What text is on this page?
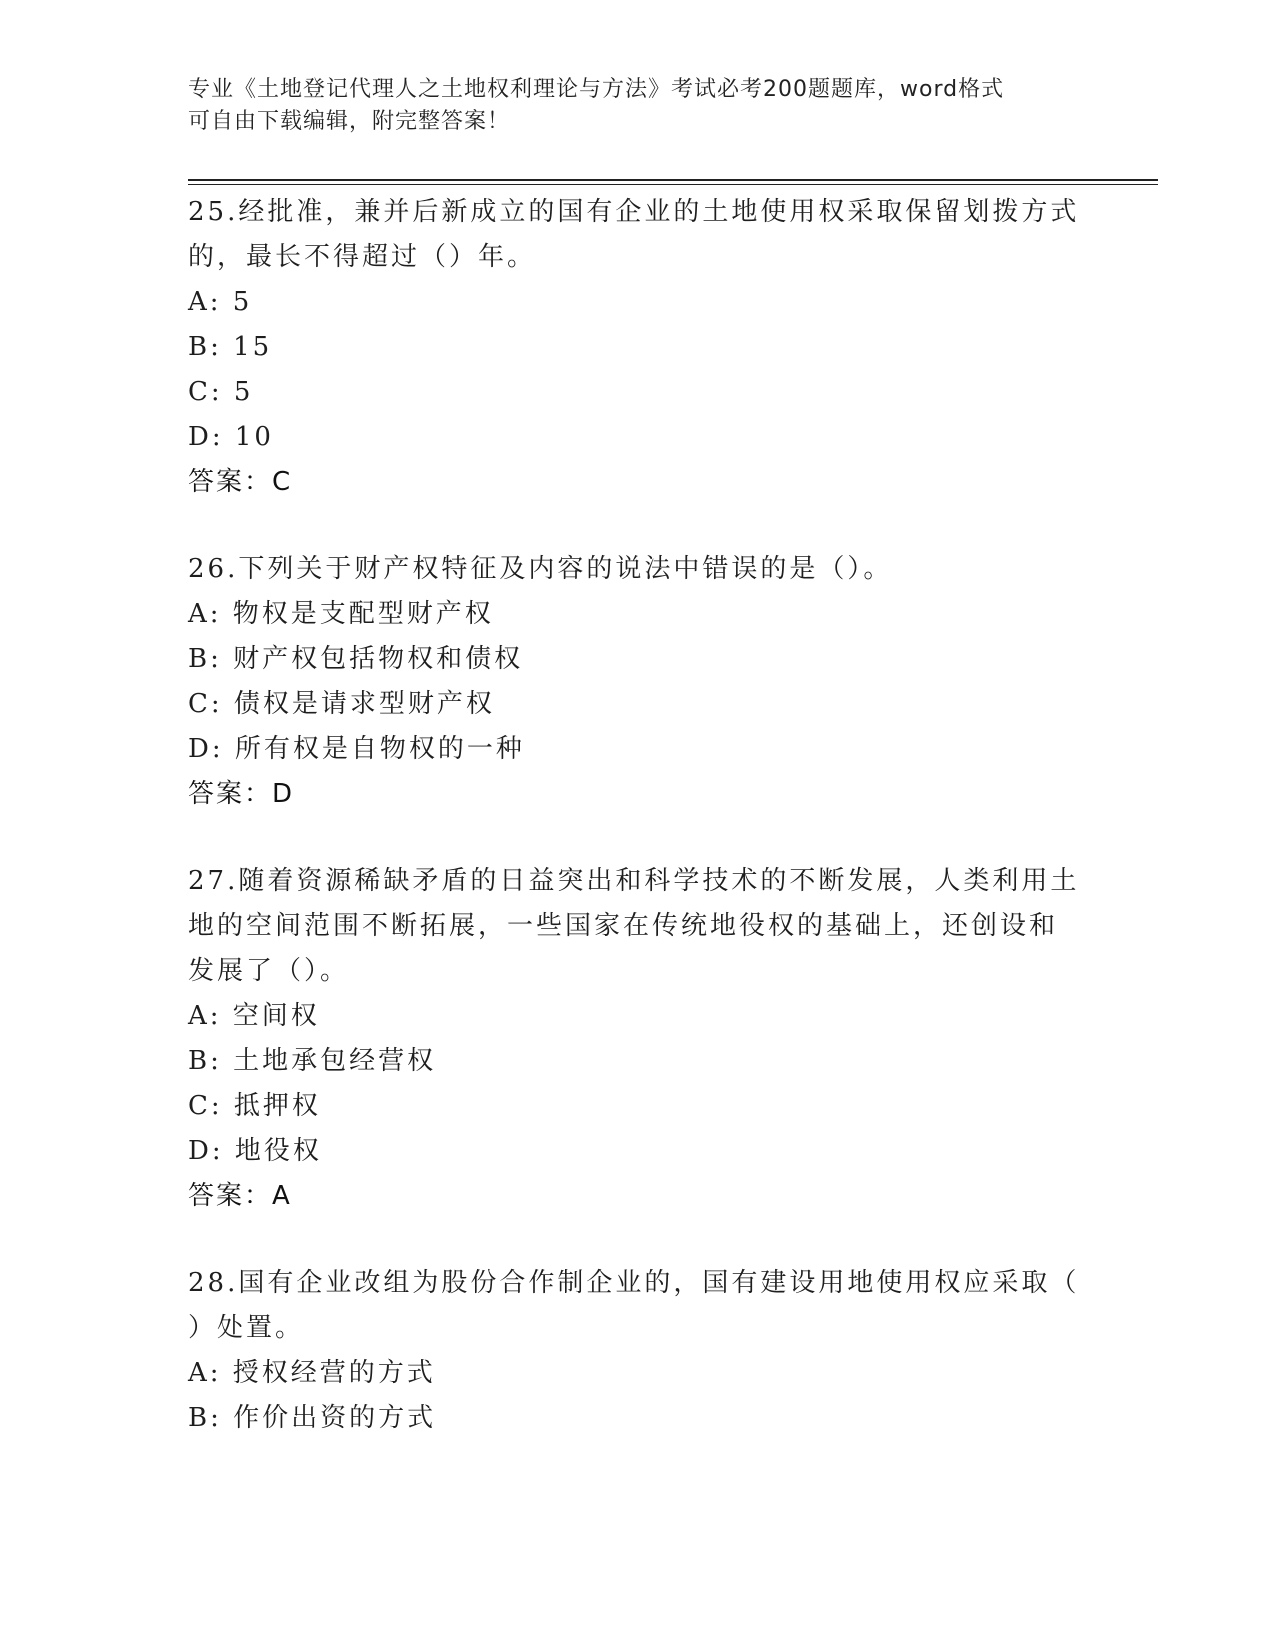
专业《土地登记代理人之土地权利理论与方法》考试必考200题题库，word格式
可自由下载编辑，附完整答案！

25.经批准，兼并后新成立的国有企业的土地使用权采取保留划拨方式

的，最长不得超过（）年。

A: 5

B: 15

C: 5

D: 10

答案：C

26.下列关于财产权特征及内容的说法中错误的是（）。

A: 物权是支配型财产权

B: 财产权包括物权和债权

C: 债权是请求型财产权

D: 所有权是自物权的一种

答案：D

27.随着资源稀缺矛盾的日益突出和科学技术的不断发展，人类利用土

地的空间范围不断拓展，一些国家在传统地役权的基础上，还创设和

发展了（）。

A: 空间权

B: 土地承包经营权

C: 抵押权

D: 地役权

答案：A

28.国有企业改组为股份合作制企业的，国有建设用地使用权应采取（

）处置。

A: 授权经营的方式

B: 作价出资的方式
